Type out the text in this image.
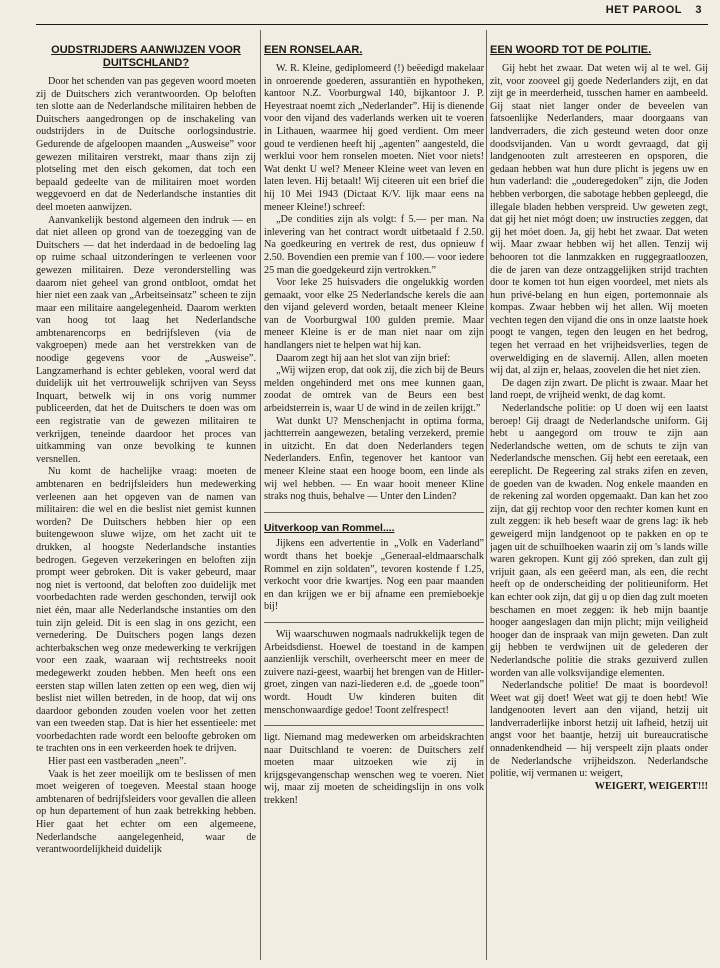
HET PAROOL 3
OUDSTRIJDERS AANWIJZEN VOOR DUITSCHLAND?

Door het schenden van pas gegeven woord moeten zij de Duitschers zich verantwoorden. Op beloften ten slotte aan de Nederlandsche militairen hebben de Duitschers aangedrongen op de inschakeling van oudstrijders in de Duitsche oorlogsindustrie. Gedurende de afgeloopen maanden „Ausweise” voor gewezen militairen verstrekt, maar thans zijn zij plotseling met den eisch gekomen, dat toch een bepaald gedeelte van de militairen moet worden weggevoerd en dat de Nederlandsche instanties dit deel moeten aanwijzen.

Aanvankelijk bestond algemeen den indruk — en dat niet alleen op grond van de toezegging van de Duitschers — dat het inderdaad in de bedoeling lag op ruime schaal uitzonderingen te verleenen voor gewezen militairen. Deze veronderstelling was daarom niet geheel van grond ontbloot, omdat het hier niet een zaak van „Arbeitseinsatz” scheen te zijn maar een militaire aangelegenheid. Daarom werkten van hoog tot laag het Nederlandsche ambtenarencorps en bedrijfsleven (via de vakgroepen) mede aan het verstrekken van de noodige gegevens voor de „Ausweise”. Langzamerhand is echter gebleken, vooral werd dat duidelijk uit het vertrouwelijk schrijven van Seyss Inquart, betwelk wij in ons vorig nummer publiceerden, dat het de Duitschers te doen was om een registratie van de gewezen militairen te verkrijgen, teneinde daardoor het proces van uitkamming van onze bevolking te kunnen versnellen.

Nu komt de hachelijke vraag: moeten de ambtenaren en bedrijfsleiders hun medewerking verleenen aan het opgeven van de namen van militairen: die wel en die beslist niet gemist kunnen worden? De Duitschers hebben hier op een buitengewoon sluwe wijze, om het zacht uit te drukken, al hoogste Nederlandsche instanties bedrogen. Gegeven verzekeringen en beloften zijn prompt weer gebroken. Dit is vaker gebeurd, maar nog niet is vertoond, dat beloften zoo duidelijk met voorbedachten rade werden geschonden, terwijl ook niet één, maar alle Nederlandsche instanties om den tuin zijn geleid. Dit is een slag in ons gezicht, een vernedering. De Duitschers pogen langs dezen achterbakschen weg onze medewerking te verkrijgen voor een zaak, waaraan wij rechtstreeks nooit medegewerkt zouden hebben. Men heeft ons een eersten stap willen laten zetten op een weg, dien wij beslist niet willen betreden, in de hoop, dat wij ons daardoor gebonden zouden voelen voor het zetten van een tweeden stap. Dat is hier het essentieele: met voorbedachten rade wordt een beloofte gebroken om te trachten ons in een verkeerden hoek te drijven.

Hier past een vastberaden „neen”.

Vaak is het zeer moeilijk om te beslissen of men moet weigeren of toegeven. Meestal staan hooge ambtenaren of bedrijfsleiders voor gevallen die alleen op hun departement of hun zaak betrekking hebben. Hier gaat het echter om een algemeene, Nederlandsche aangelegenheid, waar de verantwoordelijkheid duidelijk

EEN RONSELAAR.

W. R. Kleine, gediplomeerd (!) beëedigd makelaar in onroerende goederen, assurantiën en hypotheken, kantoor N.Z. Voorburgwal 140, bijkantoor J. P. Heyestraat noemt zich „Nederlander”. Hij is dienende voor den vijand des vaderlands werken uit te voeren in Lithauen, waarmee hij goed verdient. Om meer goud te verdienen heeft hij „agenten” aangesteld, die werklui voor hem ronselen moeten. Niet voor niets! Wat denkt U wel? Meneer Kleine weet van leven en laten leven. Hij betaalt! Wij citeeren uit een brief die hij 10 Mei 1943 (Dictaat K/V. lijk maar eens na meneer Kleine!) schreef:

„De condities zijn als volgt: f 5.— per man. Na inlevering van het contract wordt uitbetaald f 2.50. Na goedkeuring en vertrek de rest, dus opnieuw f 2.50. Bovendien een premie van f 100.— voor iedere 25 man die goedgekeurd zijn vertrokken.”

Voor leke 25 huisvaders die ongelukkig worden gemaakt, voor elke 25 Nederlandsche kerels die aan den vijand geleverd worden, betaalt meneer Kleine van de Voorburgwal 100 gulden premie. Maar meneer Kleine is er de man niet naar om zijn handlangers niet te helpen wat hij kan.

Daarom zegt hij aan het slot van zijn brief:

„Wij wijzen erop, dat ook zij, die zich bij de Beurs melden ongehinderd met ons mee kunnen gaan, zoodat de omtrek van de Beurs een best arbeidsterrein is, waar U de wind in de zeilen krijgt.”

Wat dunkt U? Menschenjacht in optima forma, jachtterrein aangewezen, betaling verzekerd, premie in uitzicht. En dat doen Nederlanders tegen Nederlanders. Enfin, tegenover het kantoor van meneer Kleine staat een hooge boom, een linde als wij wel hebben. — En waar hooit meneer Kline straks nog thuis, behalve — Unter den Linden?

Uitverkoop van Rommel....

Jijkens een advertentie in „Volk en Vaderland” wordt thans het boekje „Generaal-eldmaarschalk Rommel en zijn soldaten”, tevoren kostende f 1.25, verkocht voor drie kwartjes. Nog een paar maanden en dan krijgen we er bij afname een premieboekje bij!

Wij waarschuwen nogmaals nadrukkelijk tegen de Arbeidsdienst. Hoewel de toestand in de kampen aanzienlijk verschilt, overheerscht meer en meer de zuivere nazi-geest, waarbij het brengen van de Hitler-groet, zingen van nazi-liederen e.d. de „goede toon” wordt. Houdt Uw kinderen buiten dit menschonwaardige gedoe! Toont zelfrespect!

ligt. Niemand mag medewerken om arbeidskrachten naar Duitschland te voeren: de Duitschers zelf moeten maar uitzoeken wie zij in krijgsgevangenschap wenschen weg te voeren. Niet wij, maar zij moeten de scheidingslijn in ons volk trekken!

EEN WOORD TOT DE POLITIE.

Gij hebt het zwaar. Dat weten wij al te wel. Gij zit, voor zooveel gij goede Nederlanders zijt, en dat zijt ge in meerderheid, tusschen hamer en aambeeld. Gij staat niet langer onder de beveelen van fatsoenlijke Nederlanders, maar doorgaans van landverraders, die zich gesteund weten door onze doodsvijanden. Van u wordt gevraagd, dat gij landgenooten zult arresteeren en opsporen, die gedaan hebben wat hun dure plicht is jegens uw en hun vaderland: die „ouderegedoken” zijn, die Joden hebben verborgen, die sabotage hebben gepleegd, die illegale bladen hebben verspreid. Uw geweten zegt, dat gij het niet mógt doen; uw instructies zeggen, dat gij het móet doen. Ja, gij hebt het zwaar. Dat weten wij. Maar zwaar hebben wij het allen. Tenzij wij behooren tot die lanmzakken en ruggegraatloozen, die de jaren van deze ontzaggelijken strijd trachten door te komen tot hun eigen voordeel, met niets als hun privé-belang en hun eigen, portemonnaie als kompas. Zwaar hebben wij het allen. Wij moeten vechten tegen den vijand die ons in onze laatste hoek poogt te vangen, tegen den leugen en het bedrog, tegen het verraad en het vrijheidsverlies, tegen de overweldiging en de slavernij. Allen, allen moeten wij dat, al zijn er, helaas, zoovelen die het niet zien.

De dagen zijn zwart. De plicht is zwaar. Maar het land roept, de vrijheid wenkt, de dag komt.

Nederlandsche politie: op U doen wij een laatst beroep! Gij draagt de Nederlandsche uniform. Gij hebt u aangegord om trouw te zijn aan Nederlandsche wetten, om de schuts te zijn van Nederlandsche menschen. Gij hebt een eeretaak, een eereplicht. De Regeering zal straks zifen en zeven, de goeden van de kwaden. Nog enkele maanden en de rekening zal worden opgemaakt. Dan kan het zoo zijn, dat gij rechtop voor den rechter komen kunt en zult zeggen: ik heb beseft waar de grens lag: ik heb geweigerd mijn landgenoot op te pakken en op te jagen uit de schuilhoeken waarin zij om 's lands wille waren gekropen. Kunt gij zóó spreken, dan zult gij vrijuit gaan, als een geëerd man, als een, die recht heeft op de onderscheiding der politieuniform. Het kan echter ook zijn, dat gij u op dien dag zult moeten beschamen en moet zeggen: ik heb mijn baantje hooger aangeslagen dan mijn plicht; mijn veiligheid hooger dan de inspraak van mijn geweten. Dan zult gij hebben te verdwijnen uit de gelederen der Nederlandsche politie die straks gezuiverd zullen worden van alle volksvijandige elementen.

Nederlandsche politie! De maat is boordevol! Weet wat gij doet! Weet wat gij te doen hebt! Wie landgenooten levert aan den vijand, hetzij uit landverraderlijke inborst hetzij uit lafheid, hetzij uit angst voor het baantje, hetzij uit bureaucratische onnadenkendheid — hij verspeelt zijn plaats onder de Nederlandsche vrijheidszon. Nederlandsche politie, wij vermanen u: weigert,

WEIGERT, WEIGERT!!!
